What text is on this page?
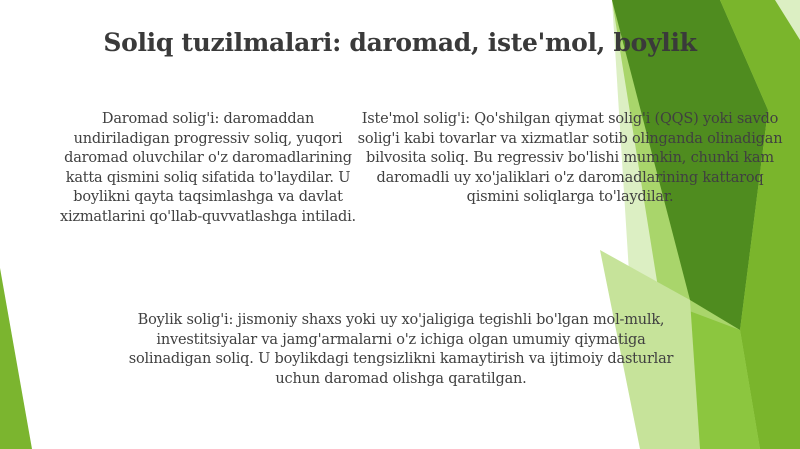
Soliq tuzilmalari: daromad, iste'mol, boylik
Daromad solig'i: daromaddan undiriladigan progressiv soliq, yuqori daromad oluvchilar o'z daromadlarining katta qismini soliq sifatida to'laydilar. U boylikni qayta taqsimlashga va davlat xizmatlarini qo'llab-quvvatlashga intiladi.
Iste'mol solig'i: Qo'shilgan qiymat solig'i (QQS) yoki savdo solig'i kabi tovarlar va xizmatlar sotib olinganda olinadigan bilvosita soliq. Bu regressiv bo'lishi mumkin, chunki kam daromadli uy xo'jaliklari o'z daromadlarining kattaroq qismini soliqlarga to'laydilar.
Boylik solig'i: jismoniy shaxs yoki uy xo'jaligiga tegishli bo'lgan mol-mulk, investitsiyalar va jamg'armalarni o'z ichiga olgan umumiy qiymatiga solinadigan soliq. U boylikdagi tengsizlikni kamaytirish va ijtimoiy dasturlar uchun daromad olishga qaratilgan.
